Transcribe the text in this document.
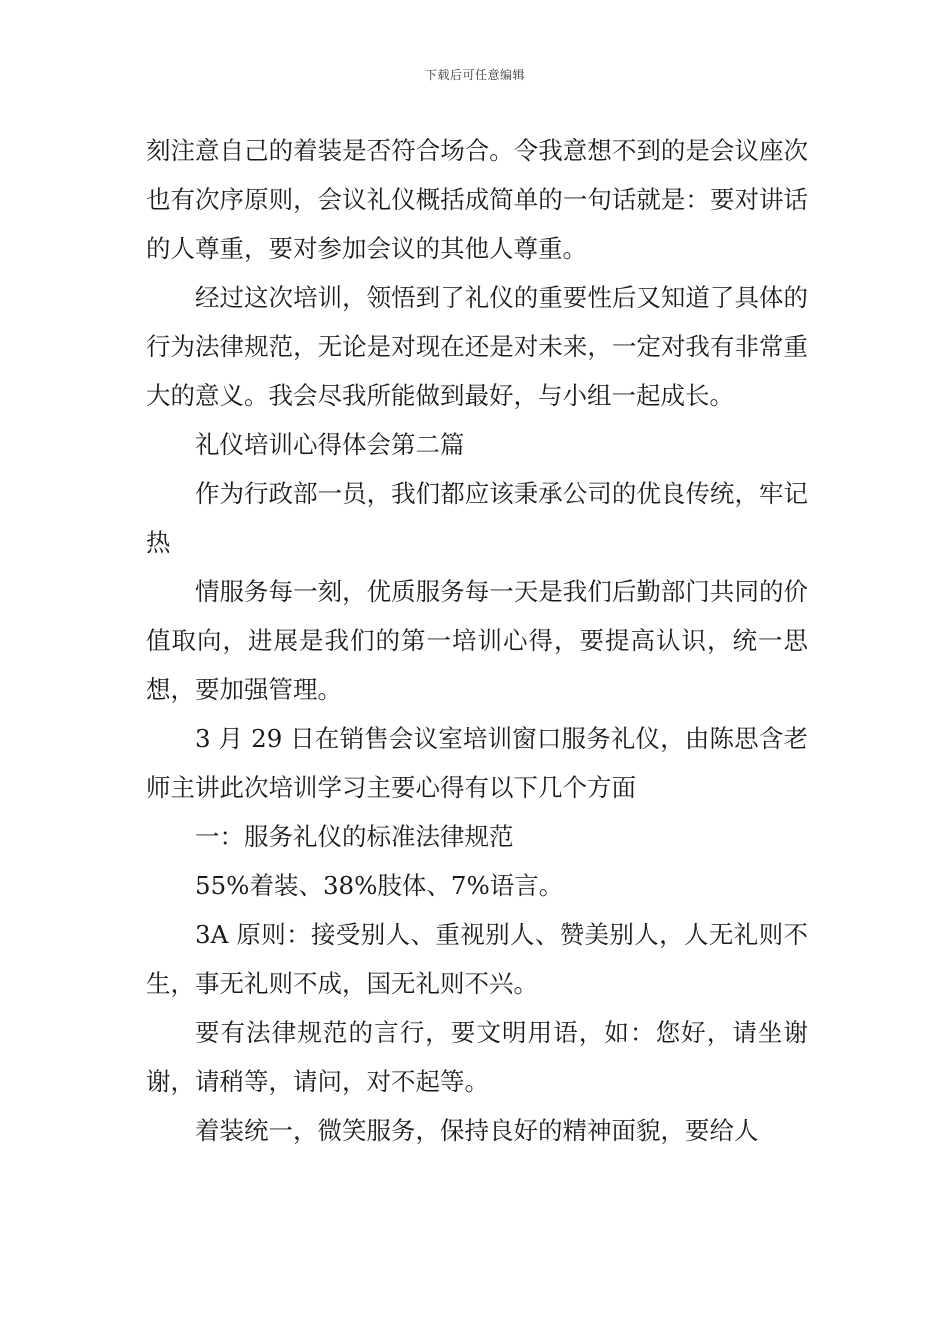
下载后可任意编辑

刻注意自己的着装是否符合场合。令我意想不到的是会议座次也有次序原则，会议礼仪概括成简单的一句话就是：要对讲话的人尊重，要对参加会议的其他人尊重。

经过这次培训，领悟到了礼仪的重要性后又知道了具体的行为法律规范，无论是对现在还是对未来，一定对我有非常重大的意义。我会尽我所能做到最好，与小组一起成长。

礼仪培训心得体会第二篇

作为行政部一员，我们都应该秉承公司的优良传统，牢记热

情服务每一刻，优质服务每一天是我们后勤部门共同的价值取向，进展是我们的第一培训心得，要提高认识，统一思想，要加强管理。

3 月 29 日在销售会议室培训窗口服务礼仪，由陈思含老师主讲此次培训学习主要心得有以下几个方面

一：服务礼仪的标准法律规范

55%着装、38%肢体、7%语言。

3A 原则：接受别人、重视别人、赞美别人，人无礼则不生，事无礼则不成，国无礼则不兴。

要有法律规范的言行，要文明用语，如：您好，请坐谢谢，请稍等，请问，对不起等。

着装统一，微笑服务，保持良好的精神面貌，要给人
